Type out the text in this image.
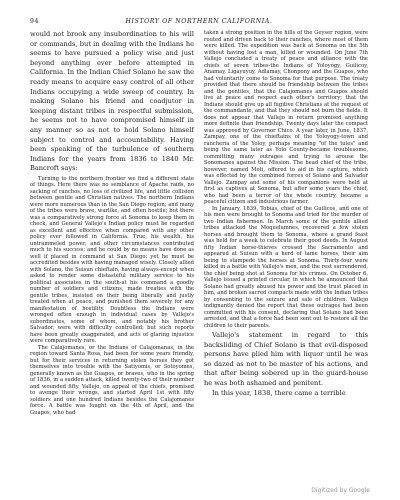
94	HISTORY OF NORTHERN CALIFORNIA.

would not brook any insubordination to his will or commands, but in dealing with the Indians he seems to have pursued a policy wise and just beyond anything ever before attempted in California. In the Indian Chief Solano he saw the ready means to acquire easy control of all other Indians occupying a wide sweep of country. In making Solano his friend and coadjutor in keeping distant tribes in respectful submission, he seems not to have compromised himself in any manner so as not to hold Solano himself subject to control and accountability. Having been speaking of the turbulence of southern Indians for the years from 1836 to 1840 Mr. Bancroft says:

Turning to the northern frontier we find a different state of things. Here there was no semblance of Apache raids, no sacking of ranchos, no loss of civilized life, and little collision between gentile and Christian natives. The northern Indians were more numerous than in the San Diego region; and many of the tribes were brave, warlike, and often hostile; but there was a comparatively strong force at Sonoma to keep them in check, and General Vallejo's Indian policy must be regarded as excellent and effective when compared with any other policy ever followed in California. True, his wealth, his untrammeled power, and other circumstances contributed much to his success; and he could by no means have done as well if placed in command at San Diego; yet he must be accredited besides with having managed wisely. Closely allied with Solano, the Suisun chieftain, having always-except when asked to render some distasteful military service to his political associates in the south-at his command a goodly number of soldiers and citizens, made treaties with the gentile tribes, insisted on their being liberally and justly treated when at peace, and punished them severely for any manifestation of hostility. Doubtless the Indians were wronged often enough in individual cases by Vallejo's subordinates, some of whom, and notably his brother Salvador, were with difficulty controlled; but such reports have been greatly exaggerated, and acts of glaring injustice were comparatively rare.

The Calajomanes, or the Indians of Calajomanas, in the region toward Santa Rosa, had been for some years friendly, but for their services in returning stolen horses they got themselves into trouble with the Satiyomis, or Sotoyomes, generally known as the Guapos, or braves, who in the spring of 1836, in a sudden attack, killed twenty-two of their number and wounded fifty. Vallejo, on appeal of the chiefs, promised to avenge their wrongs, and started April 1st with fifty soldiers and one hundred Indians besides the Calajomanes force. A battle was fought on the 4th of April, and the Guapos, who had

taken a strong position in the hills of the Geyser region, were routed and driven back to their ranches, where most of them were killed. The expedition was back at Sonoma on the 5th without having lost a man, killed or wounded. On June 7th Vallejo concluded a treaty of peace and alliance with the chiefs of seven tribes-the Indians of Yoloyogy, Guilicoy, Anamay, Ligayuyuy, Adlamay, Chonpony and the Guapos, who had voluntarily come to Sonoma for that purpose. The treaty provided that there should be friendship between the tribes and the gentiles, that the Calajomanes and Guapos should live at peace and respect each other's territory; that the Indians should give up all fugitive Christians at the request of the commandante, and that they should not burn the fields. It does not appear that Vallejo in return promised anything more definite than friendship. Twenty days later the compact was approved by Governor Chico. A year later, in June, 1837, Zampay, one of the chieftains of the Yoloyogy-town and rancheria of the Yoloy, perhaps meaning "of the tules" and being the same later as Yolo County-became troublesome, committing many outrages and trying to arouse the Sonomanes against the Mission. The head chief of the tribe, however, named Moti, offered to aid in his capture, which was effected by the combined forces of Solano and Salvador Vallejo. Zampay and some of his companions were held at first as captives at Sonoma, but after some years the chief, who had been a terror of the whole country, became a peaceful citizen and industrious farmer.

In January, 1839, Tobias, chief of the Guilicos, and one of his men were brought to Sonoma and tried for the murder of two Indian fishermen. In March some of the gentile allied tribes attacked the Moquelumnes, recovered a few stolen horses and brought them to Sonoma, where a grand feast was held for a week to celebrate their good deeds. In August fifty Indian horse-thieves crossed the Sacramento and appeared at Suisun with a herd of tame horses, their aim being to stampede the horses at Sonoma. Thirty-four were killed in a battle with Vallejo's men, and the rest surrendered, the chief being shot at Sonoma for his crimes. On October 6, Vallejo issued a printed circular, in which he announced that Solano had greatly abused his power and the trust placed in him, and broken sacred compacts made with the Indian tribes by consenting to the seizure and sale of children. Vallejo indignantly denied the report that these outrages had been committed with his consent, declaring that Solano had been arrested, and that a force had been sent out to restore all the children to their parents.

Vallejo's statement in regard to this backsliding of Chief Solano is that evil-disposed persons have plied him with liquor until he was so dazed as not to be master of his actions, and that after being sobered up in the guard-house he was both ashamed and penitent.

In this year, 1838, there came a terrible

Digitized by Google
